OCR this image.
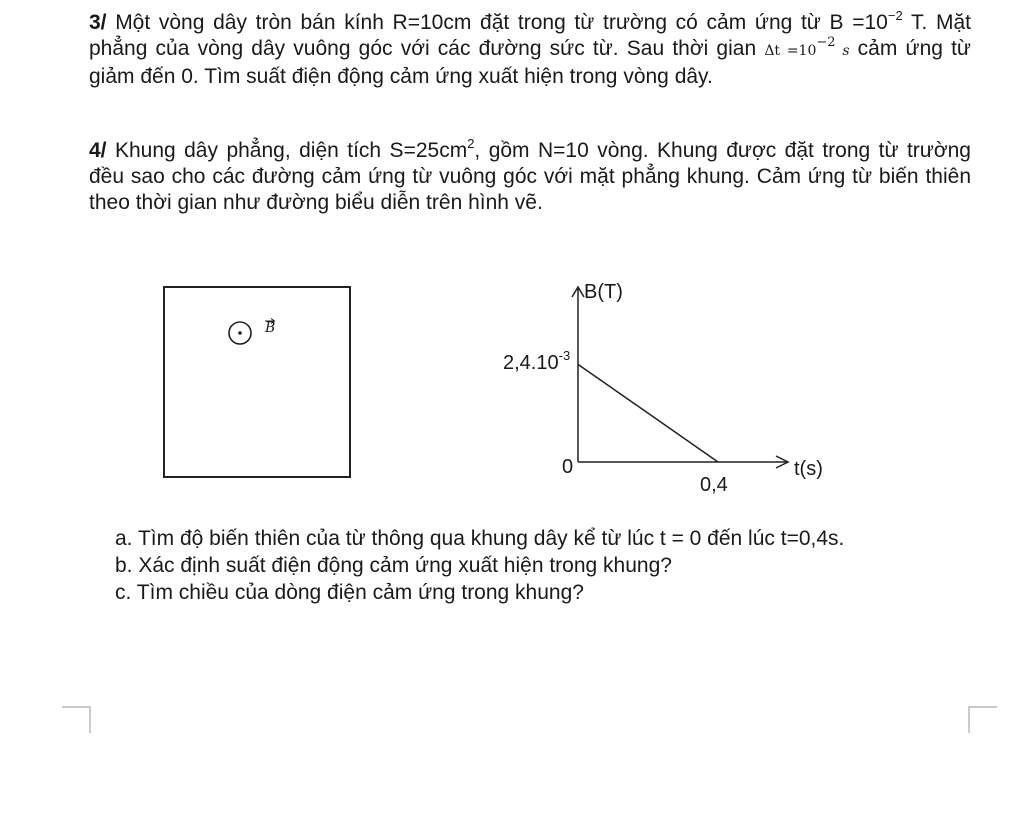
3/ Một vòng dây tròn bán kính R=10cm đặt trong từ trường có cảm ứng từ $B =10^{-2}$ T. Mặt phẳng của vòng dây vuông góc với các đường sức từ. Sau thời gian $\Delta t =10^{-2}$ s cảm ứng từ giảm đến 0. Tìm suất điện động cảm ứng xuất hiện trong vòng dây.

4/ Khung dây phẳng, diện tích $S=25cm^2$, gồm N=10 vòng. Khung được đặt trong từ trường đều sao cho các đường cảm ứng từ vuông góc với mặt phẳng khung. Cảm ứng từ biến thiên theo thời gian như đường biểu diễn trên hình vẽ.

B
B(T)
$2,4.10^{-3}$
0
0,4
t(s)

a. Tìm độ biến thiên của từ thông qua khung dây kể từ lúc t = 0 đến lúc t=0,4s.

b. Xác định suất điện động cảm ứng xuất hiện trong khung?

c. Tìm chiều của dòng điện cảm ứng trong khung?
